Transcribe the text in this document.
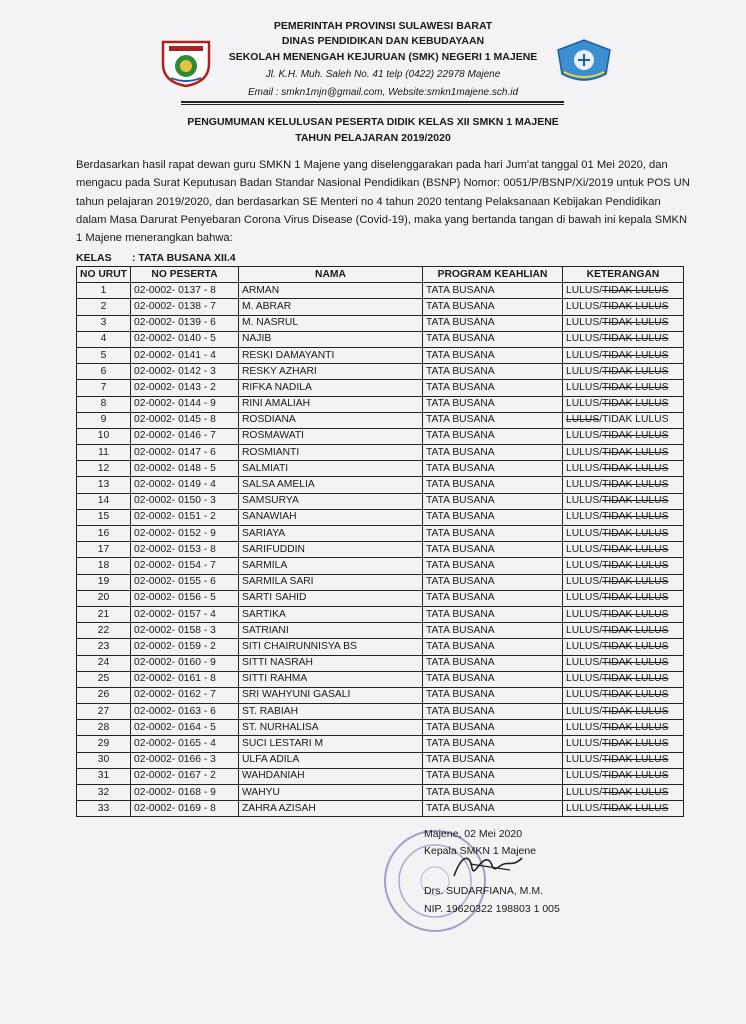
PEMERINTAH PROVINSI SULAWESI BARAT
DINAS PENDIDIKAN DAN KEBUDAYAAN
SEKOLAH MENENGAH KEJURUAN (SMK) NEGERI 1 MAJENE
Jl. K.H. Muh. Saleh No. 41 telp (0422) 22978 Majene
Email : smkn1mjn@gmail.com, Website:smkn1majene.sch.id
PENGUMUMAN KELULUSAN PESERTA DIDIK KELAS XII SMKN 1 MAJENE
TAHUN PELAJARAN 2019/2020
Berdasarkan hasil rapat dewan guru SMKN 1 Majene yang diselenggarakan pada hari Jum'at tanggal 01 Mei 2020, dan
mengacu pada Surat Keputusan Badan Standar Nasional Pendidikan (BSNP) Nomor: 0051/P/BSNP/Xi/2019 untuk POS UN
tahun pelajaran 2019/2020, dan berdasarkan SE Menteri no 4 tahun 2020 tentang Pelaksanaan Kebijakan Pendidikan
dalam Masa Darurat Penyebaran Corona Virus Disease (Covid-19), maka yang bertanda tangan di bawah ini kepala SMKN
1 Majene menerangkan bahwa:
KELAS : TATA BUSANA XII.4
NO URUT	NO PESERTA	NAMA	PROGRAM KEAHLIAN	KETERANGAN
1	02-0002- 0137 - 8	ARMAN	TATA BUSANA	LULUS/TIDAK LULUS
2	02-0002- 0138 - 7	M. ABRAR	TATA BUSANA	LULUS/TIDAK LULUS
3	02-0002- 0139 - 6	M. NASRUL	TATA BUSANA	LULUS/TIDAK LULUS
4	02-0002- 0140 - 5	NAJIB	TATA BUSANA	LULUS/TIDAK LULUS
5	02-0002- 0141 - 4	RESKI DAMAYANTI	TATA BUSANA	LULUS/TIDAK LULUS
6	02-0002- 0142 - 3	RESKY AZHARI	TATA BUSANA	LULUS/TIDAK LULUS
7	02-0002- 0143 - 2	RIFKA NADILA	TATA BUSANA	LULUS/TIDAK LULUS
8	02-0002- 0144 - 9	RINI AMALIAH	TATA BUSANA	LULUS/TIDAK LULUS
9	02-0002- 0145 - 8	ROSDIANA	TATA BUSANA	LULUS/TIDAK LULUS
10	02-0002- 0146 - 7	ROSMAWATI	TATA BUSANA	LULUS/TIDAK LULUS
11	02-0002- 0147 - 6	ROSMIANTI	TATA BUSANA	LULUS/TIDAK LULUS
12	02-0002- 0148 - 5	SALMIATI	TATA BUSANA	LULUS/TIDAK LULUS
13	02-0002- 0149 - 4	SALSA AMELIA	TATA BUSANA	LULUS/TIDAK LULUS
14	02-0002- 0150 - 3	SAMSURYA	TATA BUSANA	LULUS/TIDAK LULUS
15	02-0002- 0151 - 2	SANAWIAH	TATA BUSANA	LULUS/TIDAK LULUS
16	02-0002- 0152 - 9	SARIAYA	TATA BUSANA	LULUS/TIDAK LULUS
17	02-0002- 0153 - 8	SARIFUDDIN	TATA BUSANA	LULUS/TIDAK LULUS
18	02-0002- 0154 - 7	SARMILA	TATA BUSANA	LULUS/TIDAK LULUS
19	02-0002- 0155 - 6	SARMILA SARI	TATA BUSANA	LULUS/TIDAK LULUS
20	02-0002- 0156 - 5	SARTI SAHID	TATA BUSANA	LULUS/TIDAK LULUS
21	02-0002- 0157 - 4	SARTIKA	TATA BUSANA	LULUS/TIDAK LULUS
22	02-0002- 0158 - 3	SATRIANI	TATA BUSANA	LULUS/TIDAK LULUS
23	02-0002- 0159 - 2	SITI CHAIRUNNISYA BS	TATA BUSANA	LULUS/TIDAK LULUS
24	02-0002- 0160 - 9	SITTI NASRAH	TATA BUSANA	LULUS/TIDAK LULUS
25	02-0002- 0161 - 8	SITTI RAHMA	TATA BUSANA	LULUS/TIDAK LULUS
26	02-0002- 0162 - 7	SRI WAHYUNI GASALI	TATA BUSANA	LULUS/TIDAK LULUS
27	02-0002- 0163 - 6	ST. RABIAH	TATA BUSANA	LULUS/TIDAK LULUS
28	02-0002- 0164 - 5	ST. NURHALISA	TATA BUSANA	LULUS/TIDAK LULUS
29	02-0002- 0165 - 4	SUCI LESTARI M	TATA BUSANA	LULUS/TIDAK LULUS
30	02-0002- 0166 - 3	ULFA ADILA	TATA BUSANA	LULUS/TIDAK LULUS
31	02-0002- 0167 - 2	WAHDANIAH	TATA BUSANA	LULUS/TIDAK LULUS
32	02-0002- 0168 - 9	WAHYU	TATA BUSANA	LULUS/TIDAK LULUS
33	02-0002- 0169 - 8	ZAHRA AZISAH	TATA BUSANA	LULUS/TIDAK LULUS
Majene, 02 Mei 2020
Kepala SMKN 1 Majene
Drs. SUDARFIANA, M.M.
NIP. 19620322 198803 1 005
